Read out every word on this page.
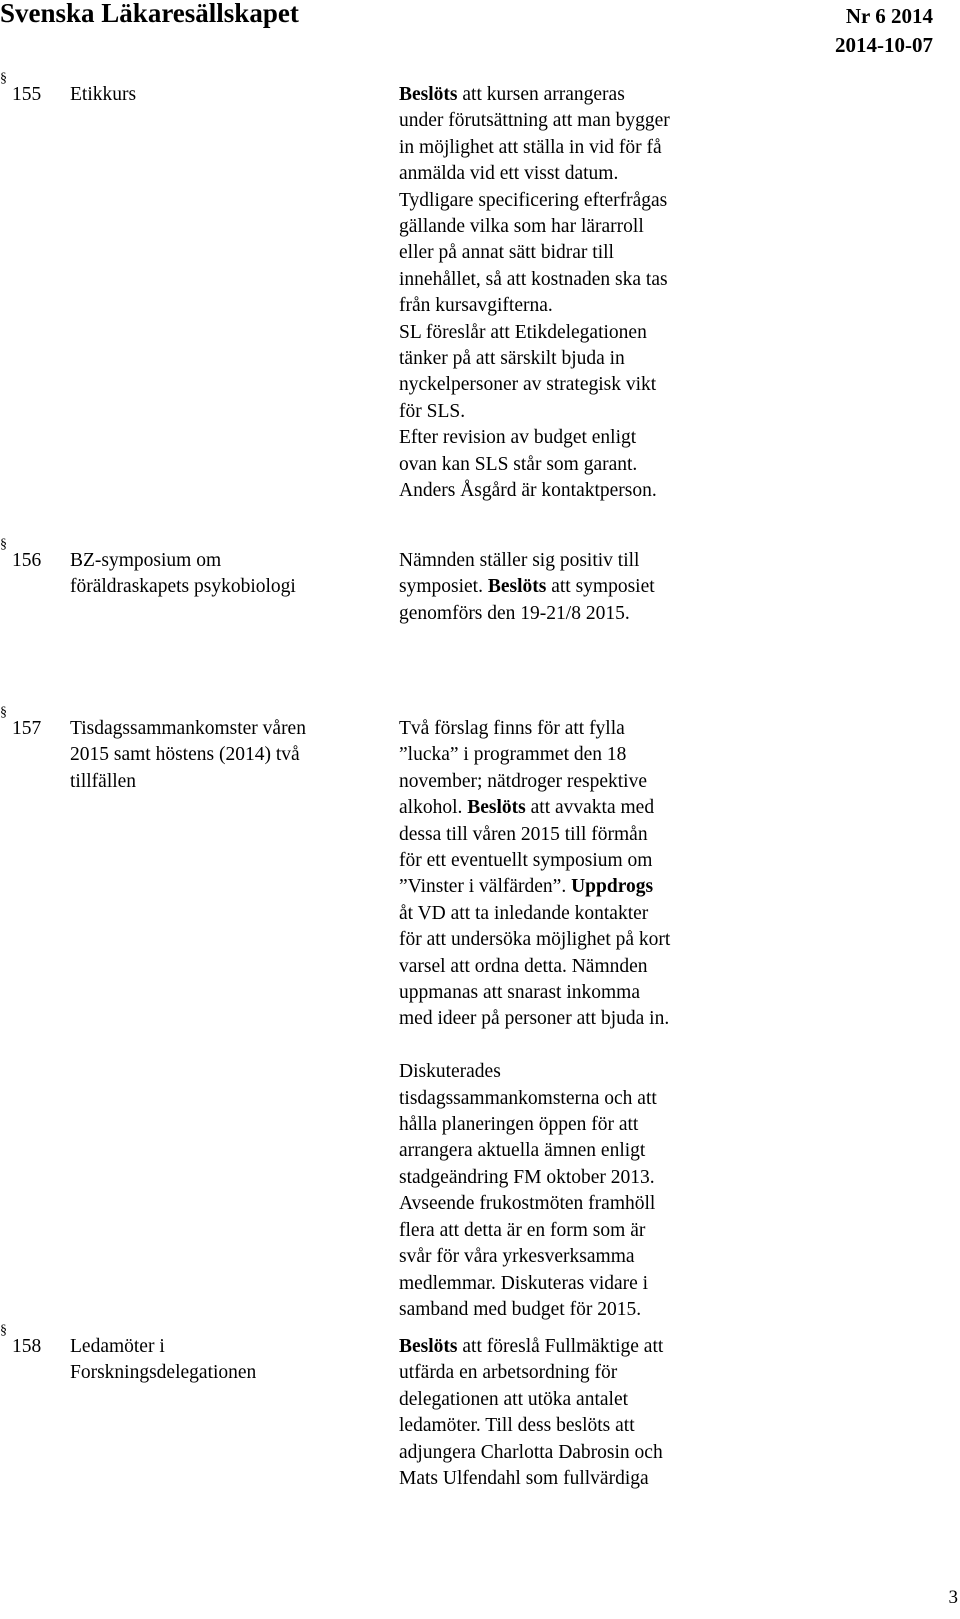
Svenska Läkaresällskapet	Nr 6 2014
2014-10-07
§
155 Etikkurs	Beslöts att kursen arrangeras
under förutsättning att man bygger
in möjlighet att ställa in vid för få
anmälda vid ett visst datum.
Tydligare specificering efterfrågas
gällande vilka som har lärarroll
eller på annat sätt bidrar till
innehållet, så att kostnaden ska tas
från kursavgifterna.
SL föreslår att Etikdelegationen
tänker på att särskilt bjuda in
nyckelpersoner av strategisk vikt
för SLS.
Efter revision av budget enligt
ovan kan SLS står som garant.
Anders Åsgård är kontaktperson.
§
156 BZ-symposium om
föräldraskapets psykobiologi
Nämnden ställer sig positiv till
symposiet. Beslöts att symposiet
genomförs den 19-21/8 2015.
§
157 Tisdagssammankomster våren
2015 samt höstens (2014) två
tillfällen
Två förslag finns för att fylla
”lucka” i programmet den 18
november; nätdroger respektive
alkohol. Beslöts att avvakta med
dessa till våren 2015 till förmån
för ett eventuellt symposium om
”Vinster i välfärden”. Uppdrogs
åt VD att ta inledande kontakter
för att undersöka möjlighet på kort
varsel att ordna detta. Nämnden
uppmanas att snarast inkomma
med ideer på personer att bjuda in.
Diskuterades
tisdagssammankomsterna och att
hålla planeringen öppen för att
arrangera aktuella ämnen enligt
stadgeändring FM oktober 2013.
Avseende frukostmöten framhöll
flera att detta är en form som är
svår för våra yrkesverksamma
medlemmar. Diskuteras vidare i
samband med budget för 2015.
§
158 Ledamöter i
Forskningsdelegationen
Beslöts att föreslå Fullmäktige att
utfärda en arbetsordning för
delegationen att utöka antalet
ledamöter. Till dess beslöts att
adjungera Charlotta Dabrosin och
Mats Ulfendahl som fullvärdiga
3
